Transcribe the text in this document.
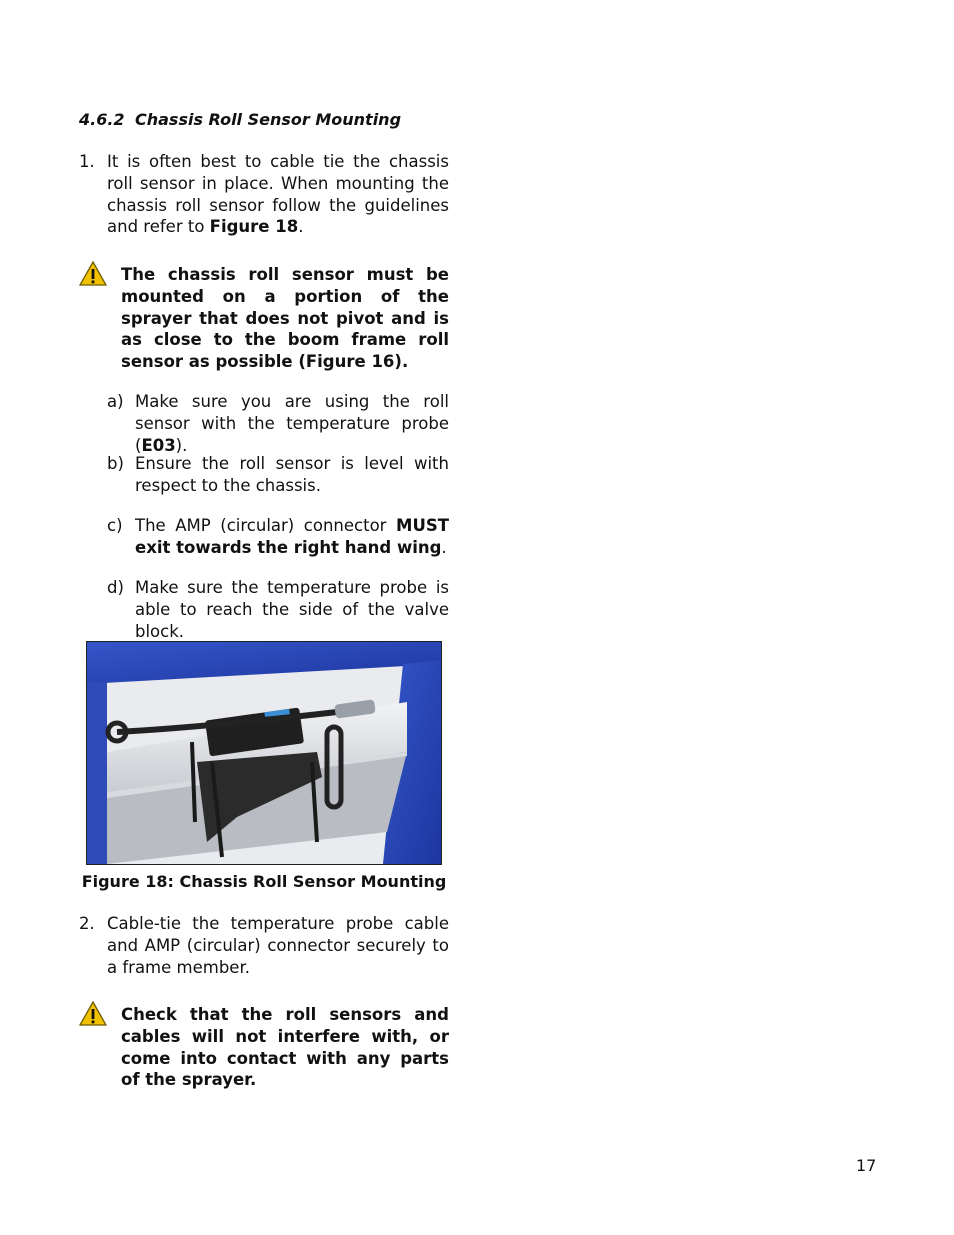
4.6.2 Chassis Roll Sensor Mounting
1. It is often best to cable tie the chassis roll sensor in place. When mounting the chassis roll sensor follow the guidelines and refer to Figure 18.
The chassis roll sensor must be mounted on a portion of the sprayer that does not pivot and is as close to the boom frame roll sensor as possible (Figure 16).
a) Make sure you are using the roll sensor with the temperature probe (E03).
b) Ensure the roll sensor is level with respect to the chassis.
c) The AMP (circular) connector MUST exit towards the right hand wing.
d) Make sure the temperature probe is able to reach the side of the valve block.
Figure 18: Chassis Roll Sensor Mounting
2. Cable-tie the temperature probe cable and AMP (circular) connector securely to a frame member.
Check that the roll sensors and cables will not interfere with, or come into contact with any parts of the sprayer.
17
